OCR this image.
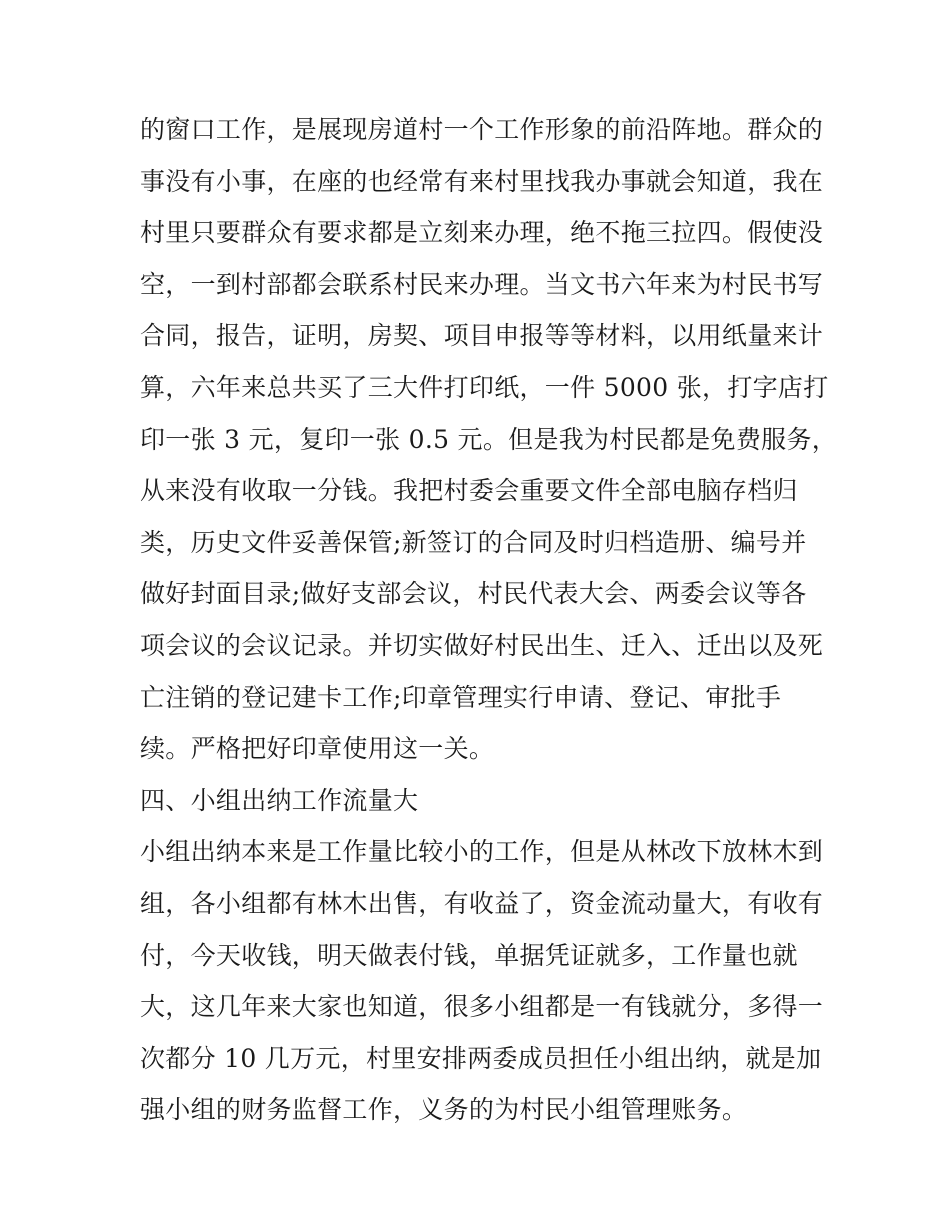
的窗口工作，是展现房道村一个工作形象的前沿阵地。群众的
事没有小事，在座的也经常有来村里找我办事就会知道，我在
村里只要群众有要求都是立刻来办理，绝不拖三拉四。假使没
空，一到村部都会联系村民来办理。当文书六年来为村民书写
合同，报告，证明，房契、项目申报等等材料，以用纸量来计
算，六年来总共买了三大件打印纸，一件 5000 张，打字店打
印一张 3 元，复印一张 0.5 元。但是我为村民都是免费服务，
从来没有收取一分钱。我把村委会重要文件全部电脑存档归
类，历史文件妥善保管;新签订的合同及时归档造册、编号并
做好封面目录;做好支部会议，村民代表大会、两委会议等各
项会议的会议记录。并切实做好村民出生、迁入、迁出以及死
亡注销的登记建卡工作;印章管理实行申请、登记、审批手
续。严格把好印章使用这一关。
四、小组出纳工作流量大
小组出纳本来是工作量比较小的工作，但是从林改下放林木到
组，各小组都有林木出售，有收益了，资金流动量大，有收有
付，今天收钱，明天做表付钱，单据凭证就多，工作量也就
大，这几年来大家也知道，很多小组都是一有钱就分，多得一
次都分 10 几万元，村里安排两委成员担任小组出纳，就是加
强小组的财务监督工作，义务的为村民小组管理账务。
